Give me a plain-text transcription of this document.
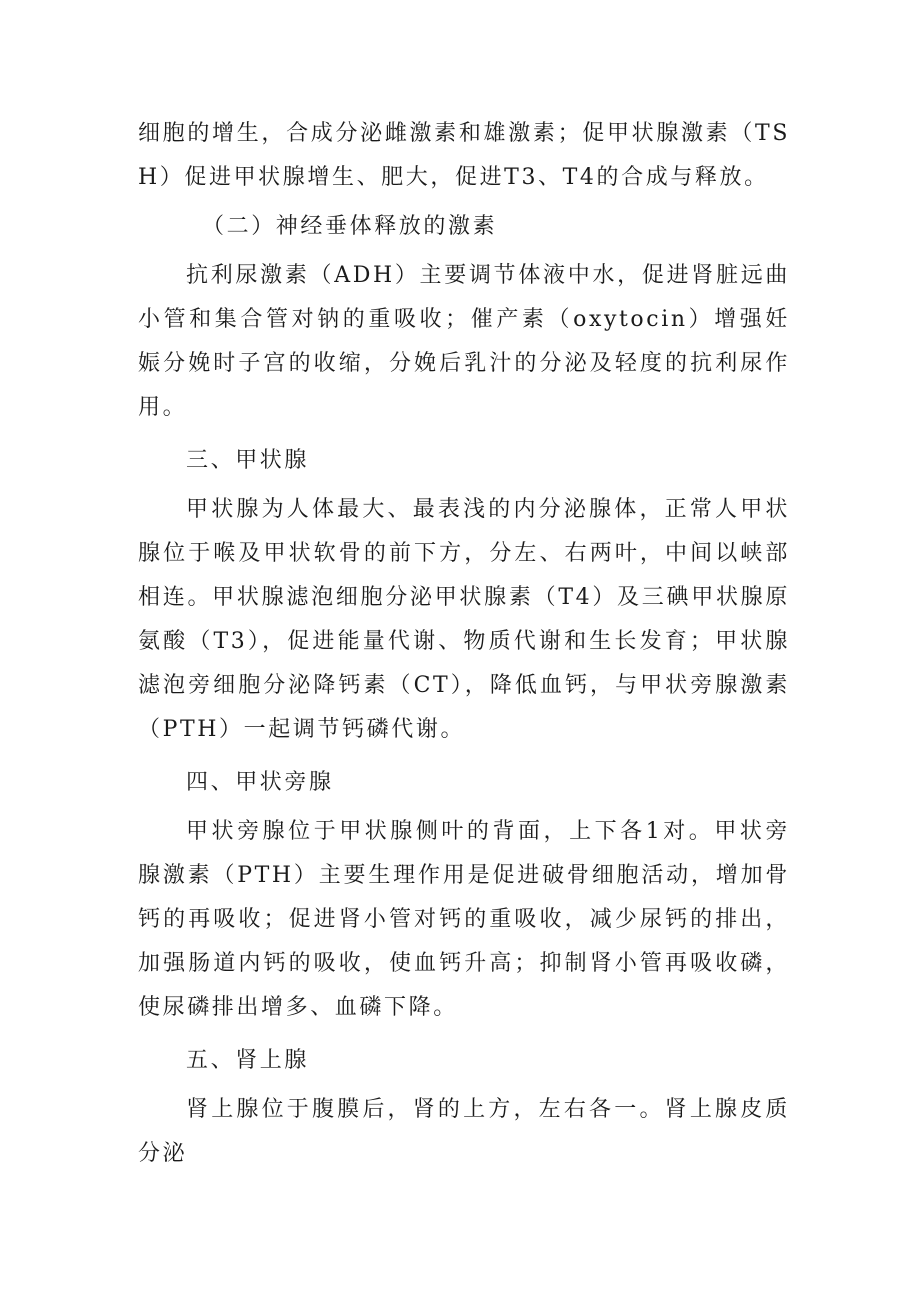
细胞的增生，合成分泌雌激素和雄激素；促甲状腺激素（TSH）促进甲状腺增生、肥大，促进T3、T4的合成与释放。

（二）神经垂体释放的激素

抗利尿激素（ADH）主要调节体液中水，促进肾脏远曲小管和集合管对钠的重吸收；催产素（oxytocin）增强妊娠分娩时子宫的收缩，分娩后乳汁的分泌及轻度的抗利尿作用。

三、甲状腺

甲状腺为人体最大、最表浅的内分泌腺体，正常人甲状腺位于喉及甲状软骨的前下方，分左、右两叶，中间以峡部相连。甲状腺滤泡细胞分泌甲状腺素（T4）及三碘甲状腺原氨酸（T3），促进能量代谢、物质代谢和生长发育；甲状腺滤泡旁细胞分泌降钙素（CT），降低血钙，与甲状旁腺激素（PTH）一起调节钙磷代谢。

四、甲状旁腺

甲状旁腺位于甲状腺侧叶的背面，上下各1对。甲状旁腺激素（PTH）主要生理作用是促进破骨细胞活动，增加骨钙的再吸收；促进肾小管对钙的重吸收，减少尿钙的排出，加强肠道内钙的吸收，使血钙升高；抑制肾小管再吸收磷，使尿磷排出增多、血磷下降。

五、肾上腺

肾上腺位于腹膜后，肾的上方，左右各一。肾上腺皮质分泌
